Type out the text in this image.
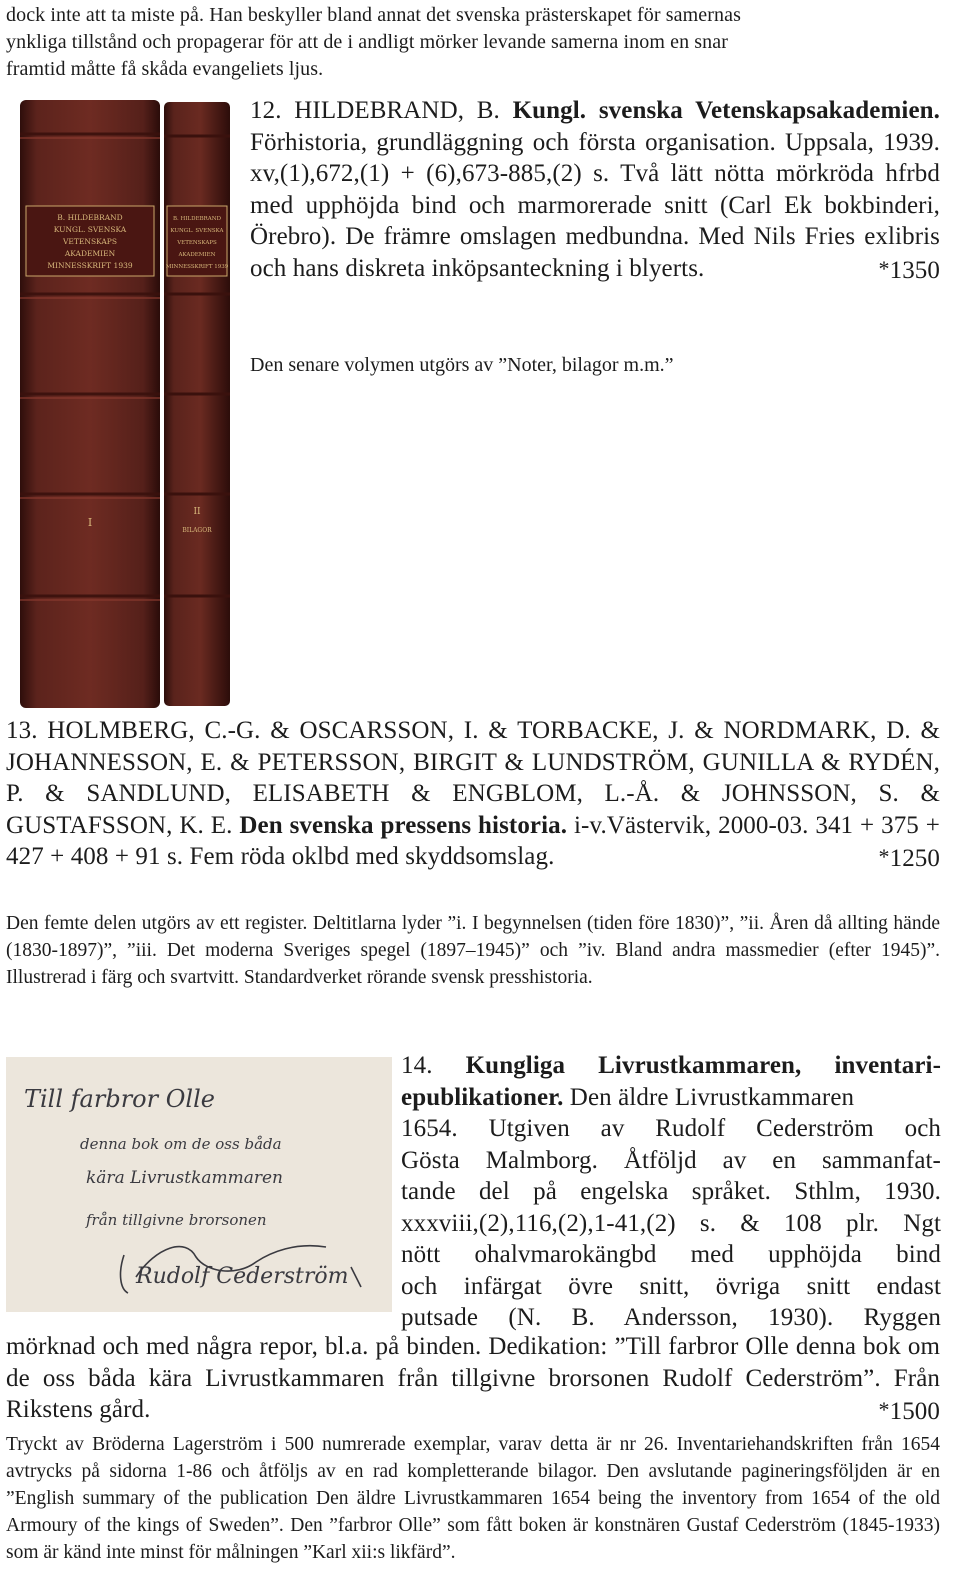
dock inte att ta miste på. Han beskyller bland annat det svenska prästerskapet för samernas
ynkliga tillstånd och propagerar för att de i andligt mörker levande samerna inom en snar
framtid måtte få skåda evangeliets ljus.
B. HILDEBRAND
KUNGL. SVENSKA
VETENSKAPS
AKADEMIEN
MINNESSKRIFT 1939
I
B. HILDEBRAND
KUNGL. SVENSKA
VETENSKAPS
AKADEMIEN
MINNESSKRIFT 1939
II
BILAGOR
12. HILDEBRAND, B. Kungl. svenska Vetenskapsakademien. Förhistoria, grundläggning och första organisation. Uppsala, 1939. xv,(1),672,(1) + (6),673-885,(2) s. Två lätt nötta mörkröda hfrbd med upphöjda bind och marmorerade snitt (Carl Ek bokbinderi, Örebro). De främre omslagen medbundna. Med Nils Fries exlibris och hans diskreta inköpsanteckning i blyerts.	*1350
Den senare volymen utgörs av ”Noter, bilagor m.m.”
13. HOLMBERG, C.-G. & OSCARSSON, I. & TORBACKE, J. & NORDMARK, D. & JOHANNESSON, E. & PETERSSON, BIRGIT & LUNDSTRÖM, GUNILLA & RYDÉN, P. & SANDLUND, ELISABETH & ENGBLOM, L.-Å. & JOHNSSON, S. & GUSTAFSSON, K. E. Den svenska pressens historia. i-v.Västervik, 2000-03. 341 + 375 + 427 + 408 + 91 s. Fem röda oklbd med skyddsomslag.	*1250
Den femte delen utgörs av ett register. Deltitlarna lyder ”i. I begynnelsen (tiden före 1830)”, ”ii. Åren då allting hände (1830-1897)”, ”iii. Det moderna Sveriges spegel (1897–1945)” och ”iv. Bland andra massmedier (efter 1945)”. Illustrerad i färg och svartvitt. Standardverket rörande svensk presshistoria.
Till farbror Olle
denna bok om de oss båda
kära Livrustkammaren
från tillgivne brorsonen
Rudolf Cederström
14. Kungliga Livrustkammaren, inventari-epublikationer. Den äldre Livrustkammaren
1654. Utgiven av Rudolf Cederström och
Gösta Malmborg. Åtföljd av en sammanfat-
tande del på engelska språket. Sthlm, 1930.
xxxviii,(2),116,(2),1-41,(2) s. & 108 plr. Ngt
nött ohalvmarokängbd med upphöjda bind
och infärgat övre snitt, övriga snitt endast
putsade (N. B. Andersson, 1930). Ryggen
mörknad och med några repor, bl.a. på binden. Dedikation: ”Till farbror Olle denna bok om de oss båda kära Livrustkammaren från tillgivne brorsonen Rudolf Cederström”. Från Rikstens gård.	*1500
Tryckt av Bröderna Lagerström i 500 numrerade exemplar, varav detta är nr 26. Inventariehandskriften från 1654 avtrycks på sidorna 1-86 och åtföljs av en rad kompletterande bilagor. Den avslutande pagineringsföljden är en ”English summary of the publication Den äldre Livrustkammaren 1654 being the inventory from 1654 of the old Armoury of the kings of Sweden”. Den ”farbror Olle” som fått boken är konstnären Gustaf Cederström (1845-1933) som är känd inte minst för målningen ”Karl xii:s likfärd”.
